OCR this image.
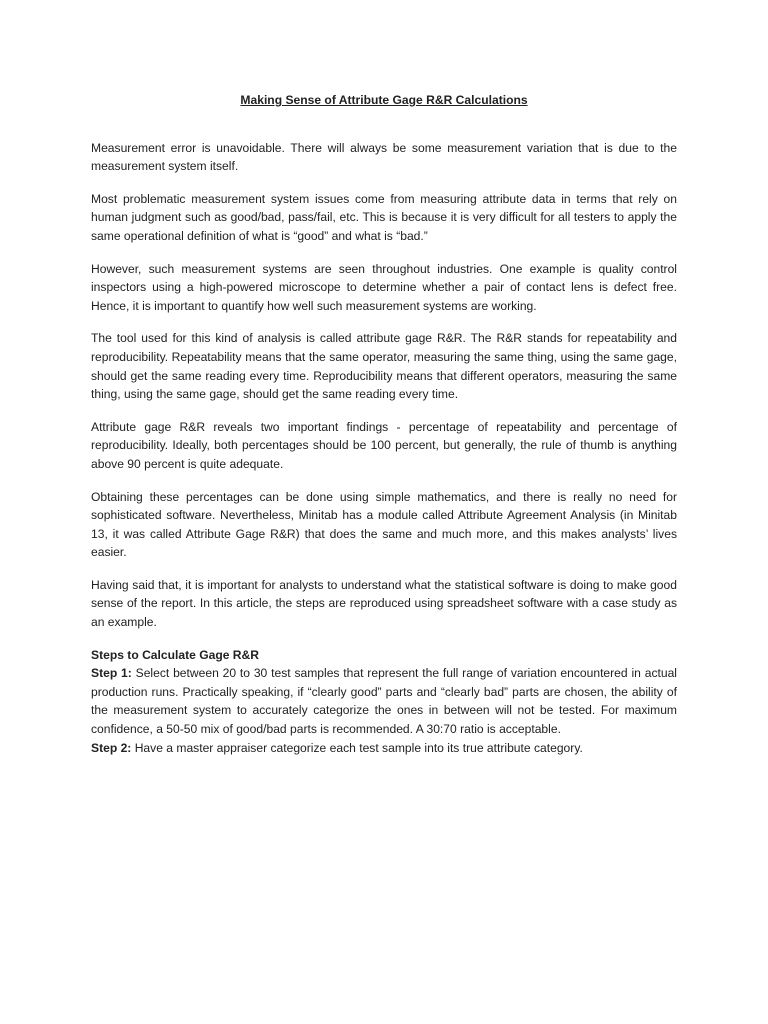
Making Sense of Attribute Gage R&R Calculations

Measurement error is unavoidable. There will always be some measurement variation that is due to the measurement system itself.

Most problematic measurement system issues come from measuring attribute data in terms that rely on human judgment such as good/bad, pass/fail, etc. This is because it is very difficult for all testers to apply the same operational definition of what is “good” and what is “bad.”

However, such measurement systems are seen throughout industries. One example is quality control inspectors using a high-powered microscope to determine whether a pair of contact lens is defect free. Hence, it is important to quantify how well such measurement systems are working.

The tool used for this kind of analysis is called attribute gage R&R. The R&R stands for repeatability and reproducibility. Repeatability means that the same operator, measuring the same thing, using the same gage, should get the same reading every time. Reproducibility means that different operators, measuring the same thing, using the same gage, should get the same reading every time.

Attribute gage R&R reveals two important findings - percentage of repeatability and percentage of reproducibility. Ideally, both percentages should be 100 percent, but generally, the rule of thumb is anything above 90 percent is quite adequate.

Obtaining these percentages can be done using simple mathematics, and there is really no need for sophisticated software. Nevertheless, Minitab has a module called Attribute Agreement Analysis (in Minitab 13, it was called Attribute Gage R&R) that does the same and much more, and this makes analysts’ lives easier.

Having said that, it is important for analysts to understand what the statistical software is doing to make good sense of the report. In this article, the steps are reproduced using spreadsheet software with a case study as an example.

Steps to Calculate Gage R&R

Step 1: Select between 20 to 30 test samples that represent the full range of variation encountered in actual production runs. Practically speaking, if “clearly good” parts and “clearly bad” parts are chosen, the ability of the measurement system to accurately categorize the ones in between will not be tested. For maximum confidence, a 50-50 mix of good/bad parts is recommended. A 30:70 ratio is acceptable.

Step 2: Have a master appraiser categorize each test sample into its true attribute category.
